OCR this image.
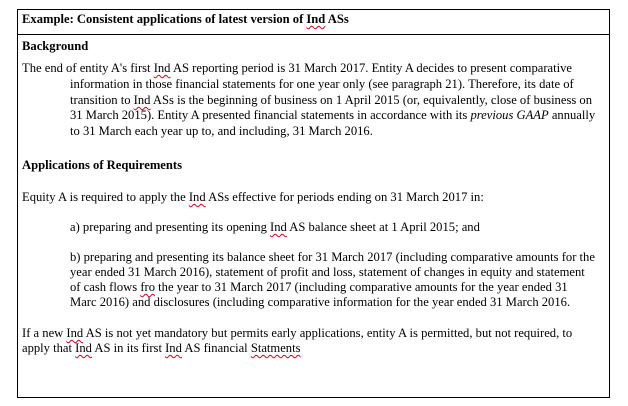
Example: Consistent applications of latest version of Ind ASs
Background
The end of entity A's first Ind AS reporting period is 31 March 2017. Entity A decides to present comparative
information in those financial statements for one year only (see paragraph 21). Therefore, its date of
transition to Ind ASs is the beginning of business on 1 April 2015 (or, equivalently, close of business on
31 March 2015). Entity A presented financial statements in accordance with its previous GAAP annually
to 31 March each year up to, and including, 31 March 2016.
Applications of Requirements
Equity A is required to apply the Ind ASs effective for periods ending on 31 March 2017 in:
a) preparing and presenting its opening Ind AS balance sheet at 1 April 2015; and
b) preparing and presenting its balance sheet for 31 March 2017 (including comparative amounts for the
year ended 31 March 2016), statement of profit and loss, statement of changes in equity and statement
of cash flows fro the year to 31 March 2017 (including comparative amounts for the year ended 31
Marc 2016) and disclosures (including comparative information for the year ended 31 March 2016.
If a new Ind AS is not yet mandatory but permits early applications, entity A is permitted, but not required, to
apply that Ind AS in its first Ind AS financial Statments
